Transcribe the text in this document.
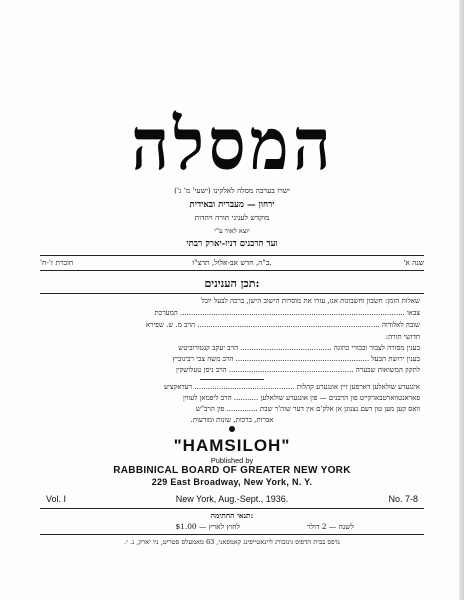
המסלה
ישרו בערבה מסלה לאלקינו (ישעי' מ' ג')
ירחון — מעברית ובאידית
מוקדש לעניני תורה ויהדות
יוצא לאור ע"י
ועד הרבנים דניו-יארק רבתי
חוברת ז'-ח'	ב"ה, חדש אב-אלול, תרצ"ו.	שנה א'
תכן הענינים:
שאלות הזמן: חשבון וחשבונות אנו, עזרו את מוסרות הישוב הישן, ברכה לבעל יובל
צבאו ..................................................................................................... המערכת
שובה לאלודוה .................................................................................. הרב מ. ש. שפירא
חדושי תורה:
בענין מסורה לצבור ובבורי כהונה ......................................... הרב יעקב קנטורוביטש
בענין ירושת הבעל ............................................................ הרב משה צבי רבינוביץ
לתקון המשואות שבערה ........................................................ הרב ניסן טעלושקין
אינגערע שולאלען דארפען זיין אונגערע קהלות ............................................. רעדאקציע
פאראנטווארטבארקייט פון הרבנים — פון אונגערע שולאלען ........... הרב ליפמאן לעווין
וואס קען מען טון דעם נצנוגן אן אלק'ם אין דער שוה'ר שבת .............. פון הרב"ש
אברות, ברכות, שונות ומודעות.
"HAMSILOH"
Published by
RABBINICAL BOARD OF GREATER NEW YORK
229 East Broadway, New York, N. Y.
Vol. I	New York, Aug.-Sept., 1936.	No. 7-8
תנאי החתימה:
לשנה — 2 דולר
לחוץ לארץ — $1.00
נדפס בבית הדפוס גינזבורג ליינאטייפינג קאמפאני, 63 מאמעלס סטריט, ניו יארק, נ. י.
